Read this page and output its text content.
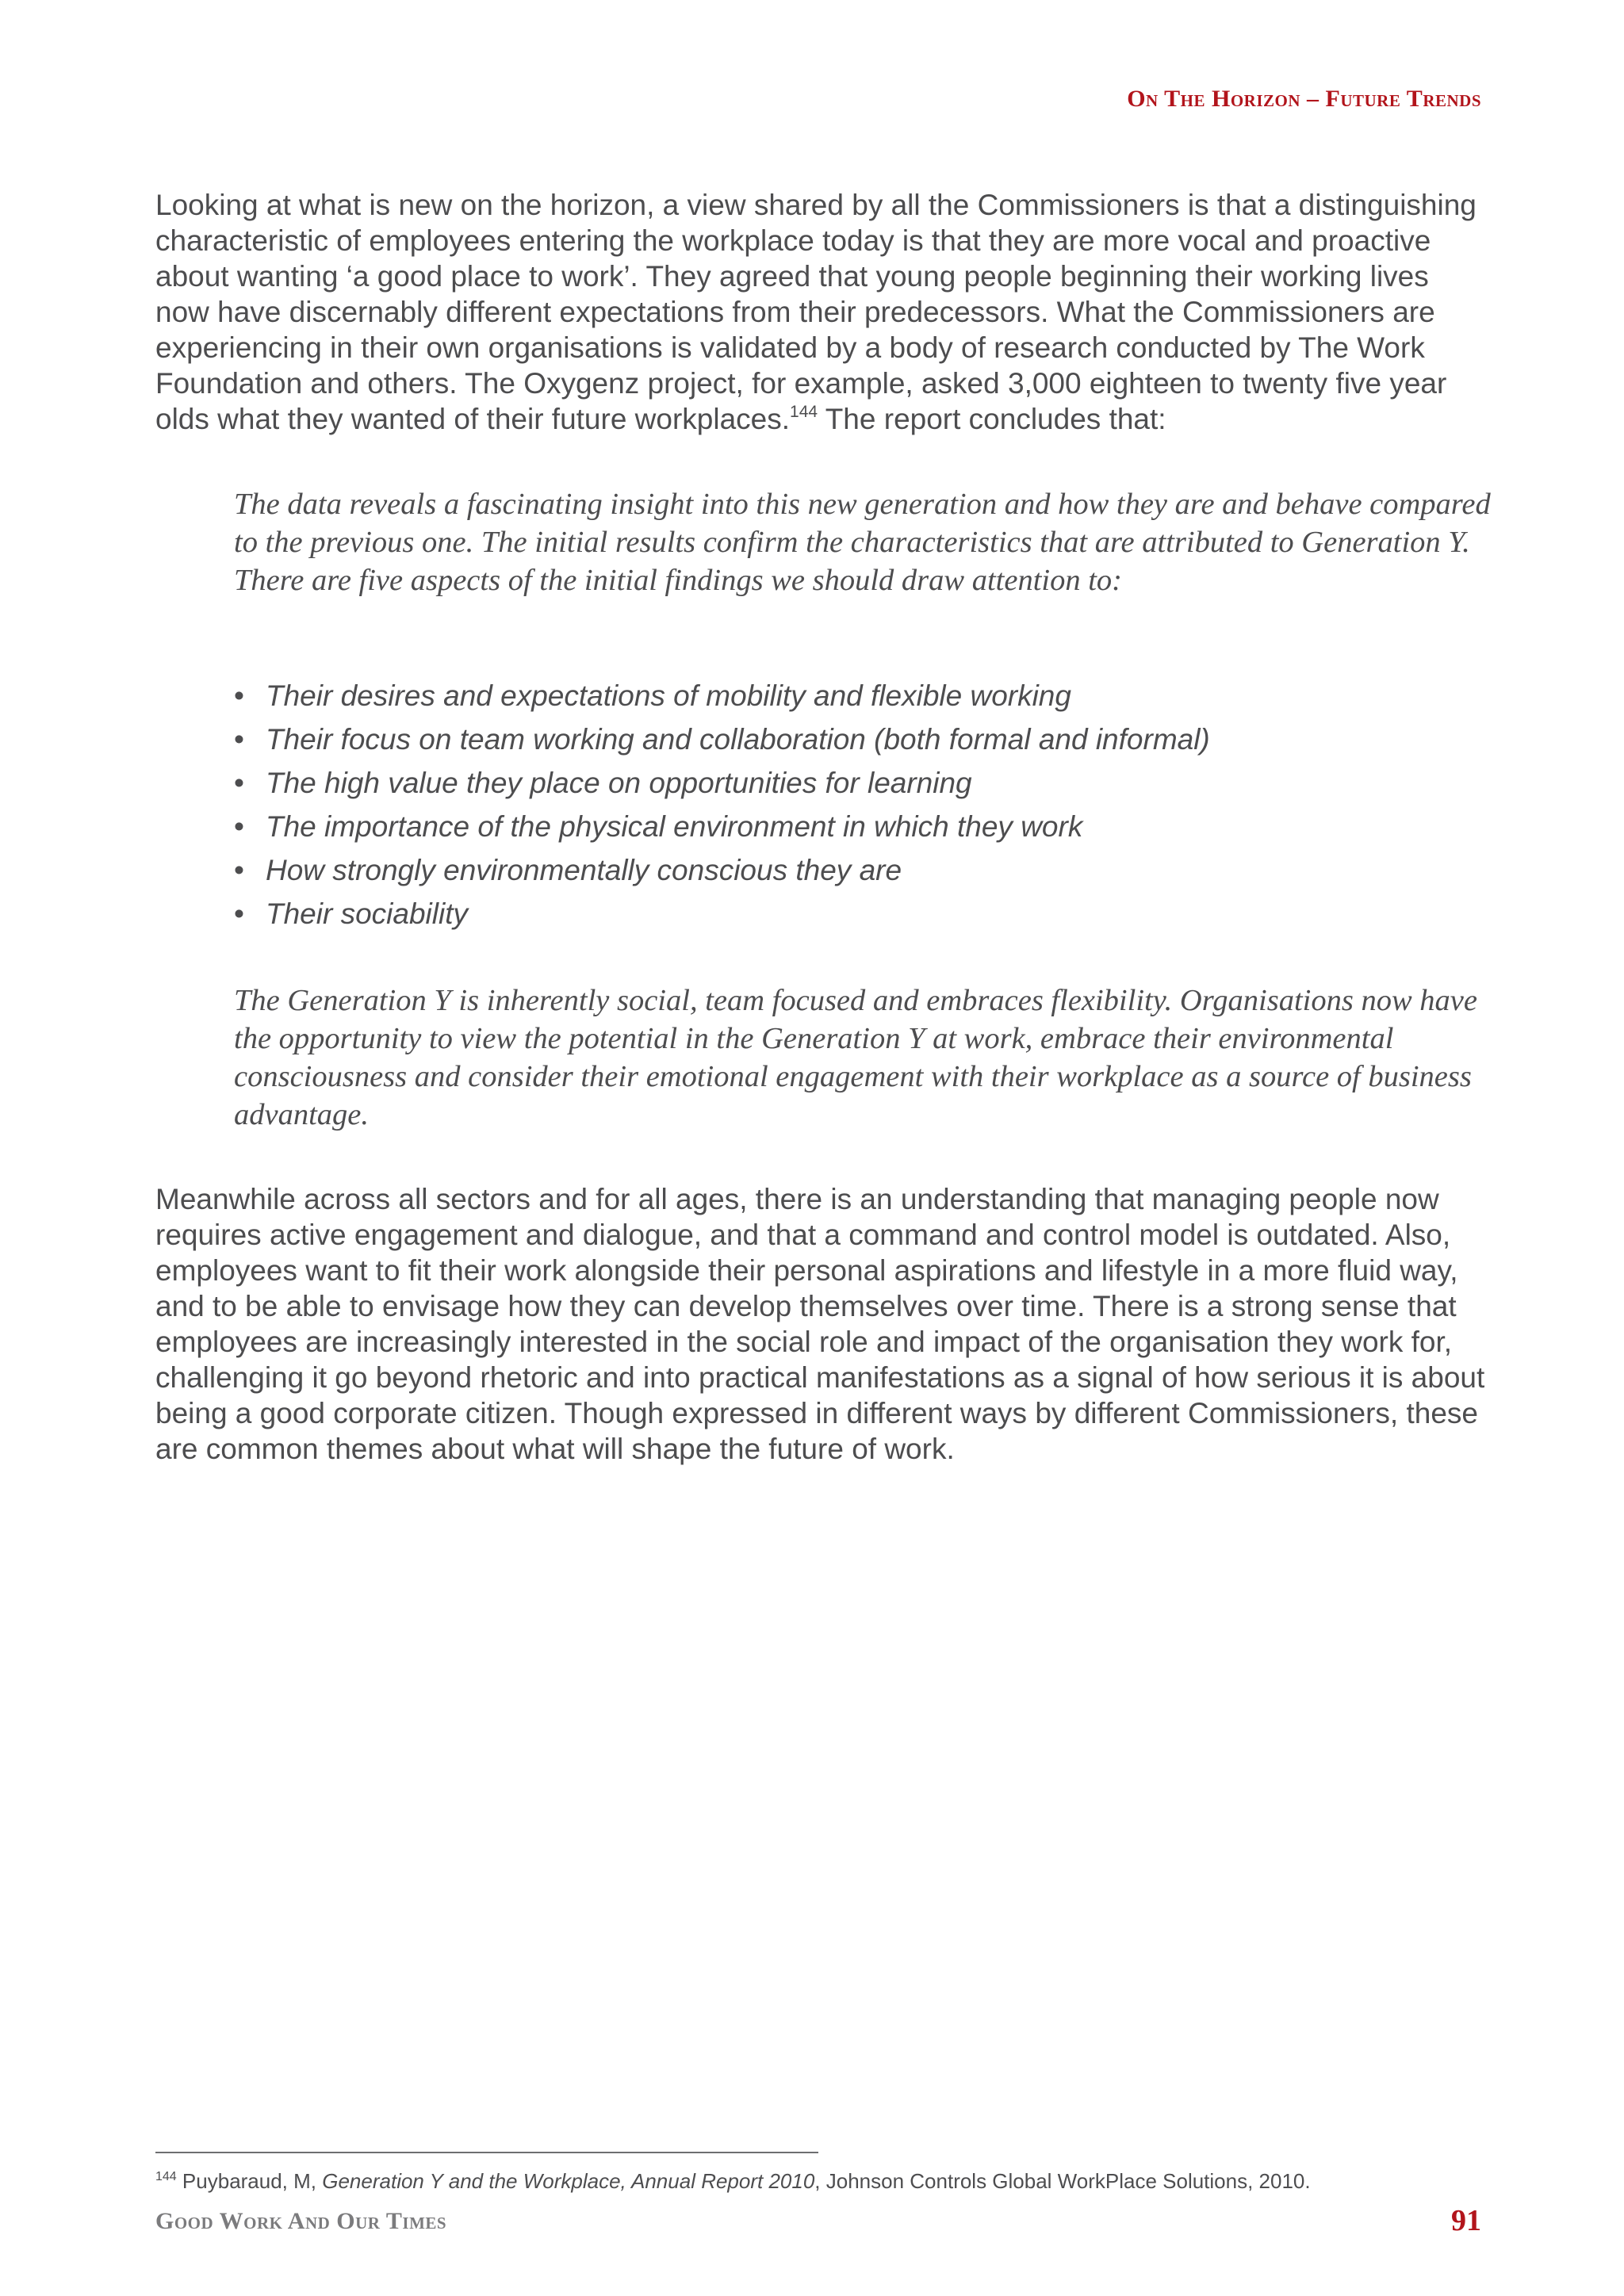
On The Horizon – Future Trends

Looking at what is new on the horizon, a view shared by all the Commissioners is that a distinguishing characteristic of employees entering the workplace today is that they are more vocal and proactive about wanting ‘a good place to work’. They agreed that young people beginning their working lives now have discernably different expectations from their predecessors. What the Commissioners are experiencing in their own organisations is validated by a body of research conducted by The Work Foundation and others. The Oxygenz project, for example, asked 3,000 eighteen to twenty five year olds what they wanted of their future workplaces.$^{144}$ The report concludes that:

The data reveals a fascinating insight into this new generation and how they are and behave compared to the previous one. The initial results confirm the characteristics that are attributed to Generation Y. There are five aspects of the initial findings we should draw attention to:

• Their desires and expectations of mobility and flexible working
• Their focus on team working and collaboration (both formal and informal)
• The high value they place on opportunities for learning
• The importance of the physical environment in which they work
• How strongly environmentally conscious they are
• Their sociability

The Generation Y is inherently social, team focused and embraces flexibility. Organisations now have the opportunity to view the potential in the Generation Y at work, embrace their environmental consciousness and consider their emotional engagement with their workplace as a source of business advantage.

Meanwhile across all sectors and for all ages, there is an understanding that managing people now requires active engagement and dialogue, and that a command and control model is outdated. Also, employees want to fit their work alongside their personal aspirations and lifestyle in a more fluid way, and to be able to envisage how they can develop themselves over time. There is a strong sense that employees are increasingly interested in the social role and impact of the organisation they work for, challenging it go beyond rhetoric and into practical manifestations as a signal of how serious it is about being a good corporate citizen. Though expressed in different ways by different Commissioners, these are common themes about what will shape the future of work.

$^{144}$ Puybaraud, M, Generation Y and the Workplace, Annual Report 2010, Johnson Controls Global WorkPlace Solutions, 2010.
Good Work And Our Times	91
